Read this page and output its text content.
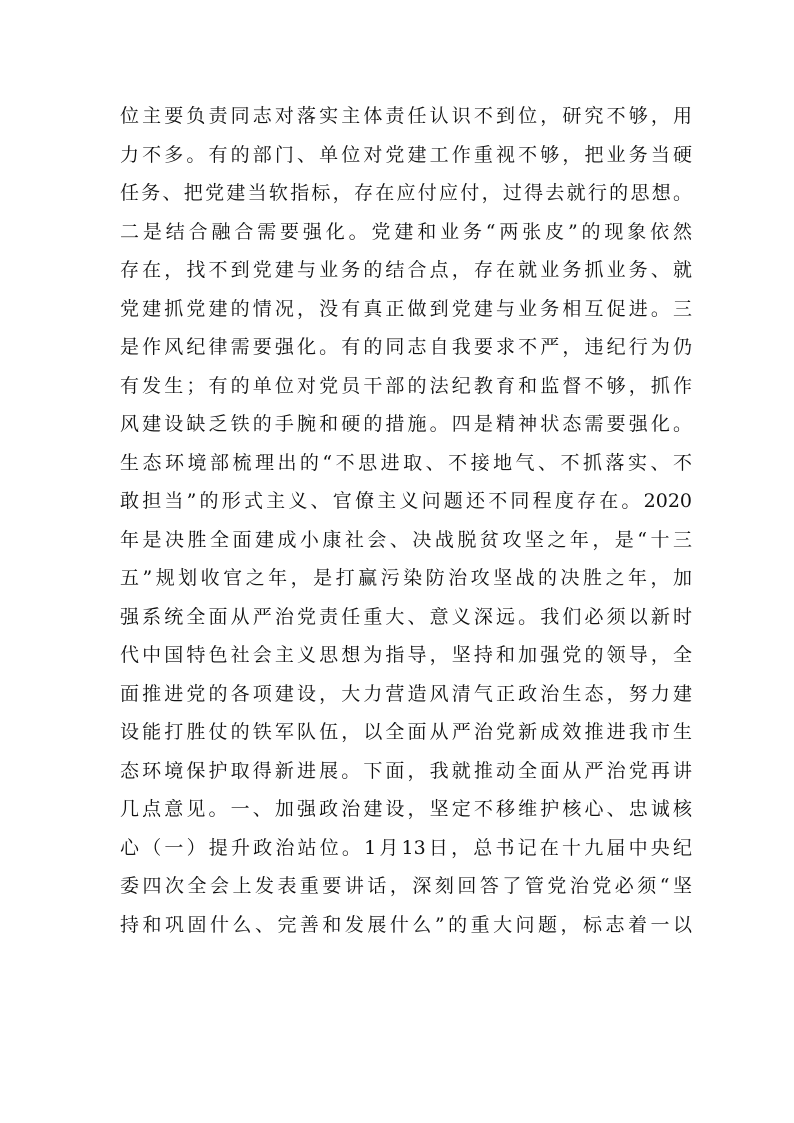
位主要负责同志对落实主体责任认识不到位，研究不够，用
力不多。有的部门、单位对党建工作重视不够，把业务当硬
任务、把党建当软指标，存在应付应付，过得去就行的思想。
二是结合融合需要强化。党建和业务“两张皮”的现象依然
存在，找不到党建与业务的结合点，存在就业务抓业务、就
党建抓党建的情况，没有真正做到党建与业务相互促进。三
是作风纪律需要强化。有的同志自我要求不严，违纪行为仍
有发生；有的单位对党员干部的法纪教育和监督不够，抓作
风建设缺乏铁的手腕和硬的措施。四是精神状态需要强化。
生态环境部梳理出的“不思进取、不接地气、不抓落实、不
敢担当”的形式主义、官僚主义问题还不同程度存在。2020
年是决胜全面建成小康社会、决战脱贫攻坚之年，是“十三
五”规划收官之年，是打赢污染防治攻坚战的决胜之年，加
强系统全面从严治党责任重大、意义深远。我们必须以新时
代中国特色社会主义思想为指导，坚持和加强党的领导，全
面推进党的各项建设，大力营造风清气正政治生态，努力建
设能打胜仗的铁军队伍，以全面从严治党新成效推进我市生
态环境保护取得新进展。下面，我就推动全面从严治党再讲
几点意见。一、加强政治建设，坚定不移维护核心、忠诚核
心（一）提升政治站位。1月13日，总书记在十九届中央纪
委四次全会上发表重要讲话，深刻回答了管党治党必须“坚
持和巩固什么、完善和发展什么”的重大问题，标志着一以
